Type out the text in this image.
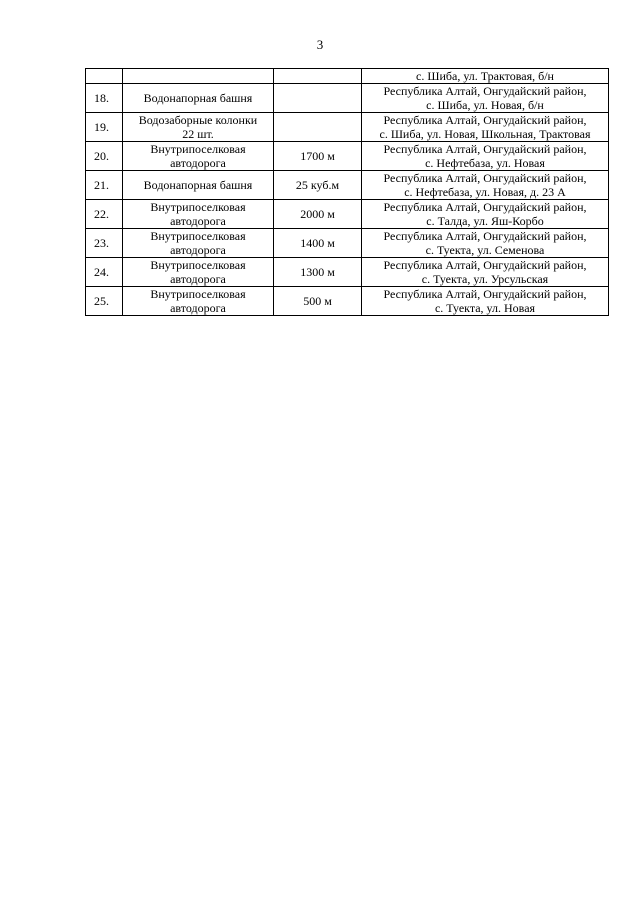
3

			с. Шиба, ул. Трактовая, б/н

18.	Водонапорная башня		Республика Алтай, Онгудайский район,
с. Шиба, ул. Новая, б/н

19.	Водозаборные колонки
22 шт.		Республика Алтай, Онгудайский район,
с. Шиба, ул. Новая, Школьная, Трактовая

20.	Внутрипоселковая
автодорога	1700 м	Республика Алтай, Онгудайский район,
с. Нефтебаза, ул. Новая

21.	Водонапорная башня	25 куб.м	Республика Алтай, Онгудайский район,
с. Нефтебаза, ул. Новая, д. 23 А

22.	Внутрипоселковая
автодорога	2000 м	Республика Алтай, Онгудайский район,
с. Талда, ул. Яш-Корбо

23.	Внутрипоселковая
автодорога	1400 м	Республика Алтай, Онгудайский район,
с. Туекта, ул. Семенова

24.	Внутрипоселковая
автодорога	1300 м	Республика Алтай, Онгудайский район,
с. Туекта, ул. Урсульская

25.	Внутрипоселковая
автодорога	500 м	Республика Алтай, Онгудайский район,
с. Туекта, ул. Новая
